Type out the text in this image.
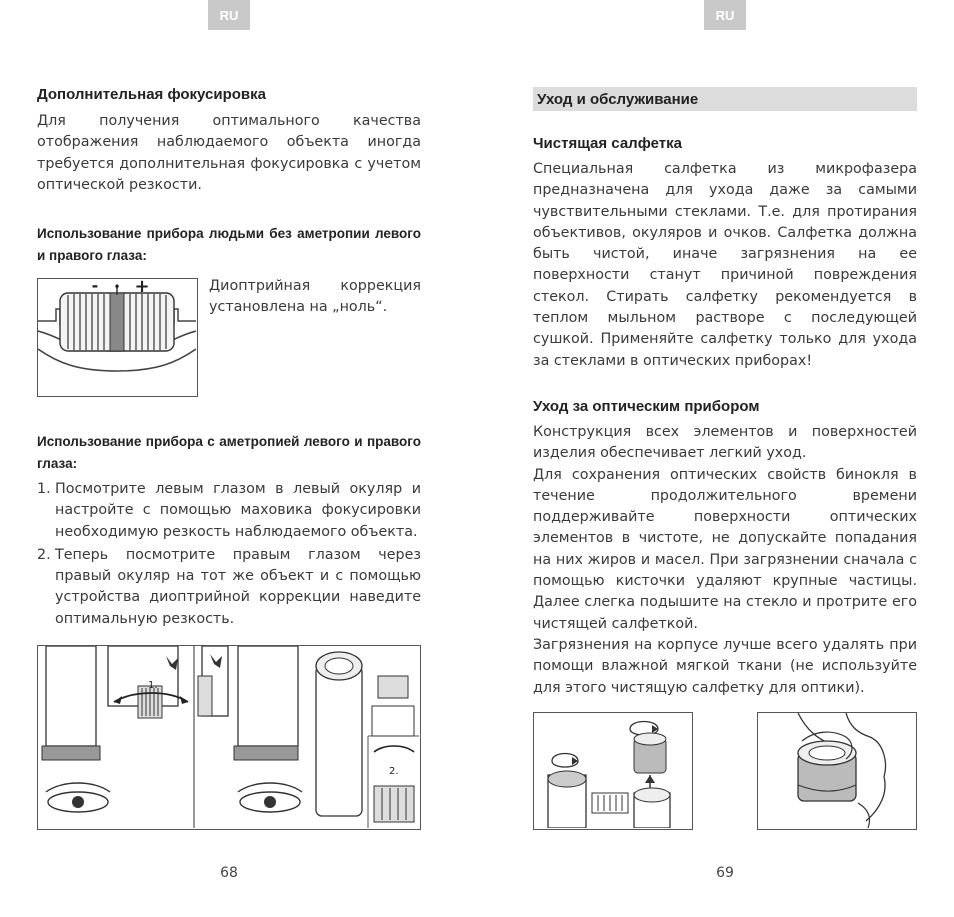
RU
Дополнительная фокусировка

Для получения оптимального качества отображения наблюдаемого объекта иногда требуется дополнительная фокусировка с учетом оптической резкости.

Использование прибора людьми без аметропии левого и правого глаза:
- • +	Диоптрийная коррекция установлена на „ноль“.

Использование прибора с аметропией левого и правого глаза:
1. Посмотрите левым глазом в левый окуляр и настройте с помощью маховика фокусировки необходимую резкость наблюдаемого объекта.
2. Теперь посмотрите правым глазом через правый окуляр на тот же объект и с помощью устройства диоптрийной коррекции наведите оптимальную резкость.
1.
2.
68
RU
Уход и обслуживание
Чистящая салфетка

Специальная салфетка из микрофазера предназначена для ухода даже за самыми чувствительными стеклами. Т.е. для протирания объективов, окуляров и очков. Салфетка должна быть чистой, иначе загрязнения на ее поверхности станут причиной повреждения стекол. Стирать салфетку рекомендуется в теплом мыльном растворе с последующей сушкой. Применяйте салфетку только для ухода за стеклами в оптических приборах!

Уход за оптическим прибором

Конструкция всех элементов и поверхностей изделия обеспечивает легкий уход.

Для сохранения оптических свойств бинокля в течение продолжительного времени поддерживайте поверхности оптических элементов в чистоте, не допускайте попадания на них жиров и масел. При загрязнении сначала с помощью кисточки удаляют крупные частицы. Далее слегка подышите на стекло и протрите его чистящей салфеткой.

Загрязнения на корпусе лучше всего удалять при помощи влажной мягкой ткани (не используйте для этого чистящую салфетку для оптики).

69
